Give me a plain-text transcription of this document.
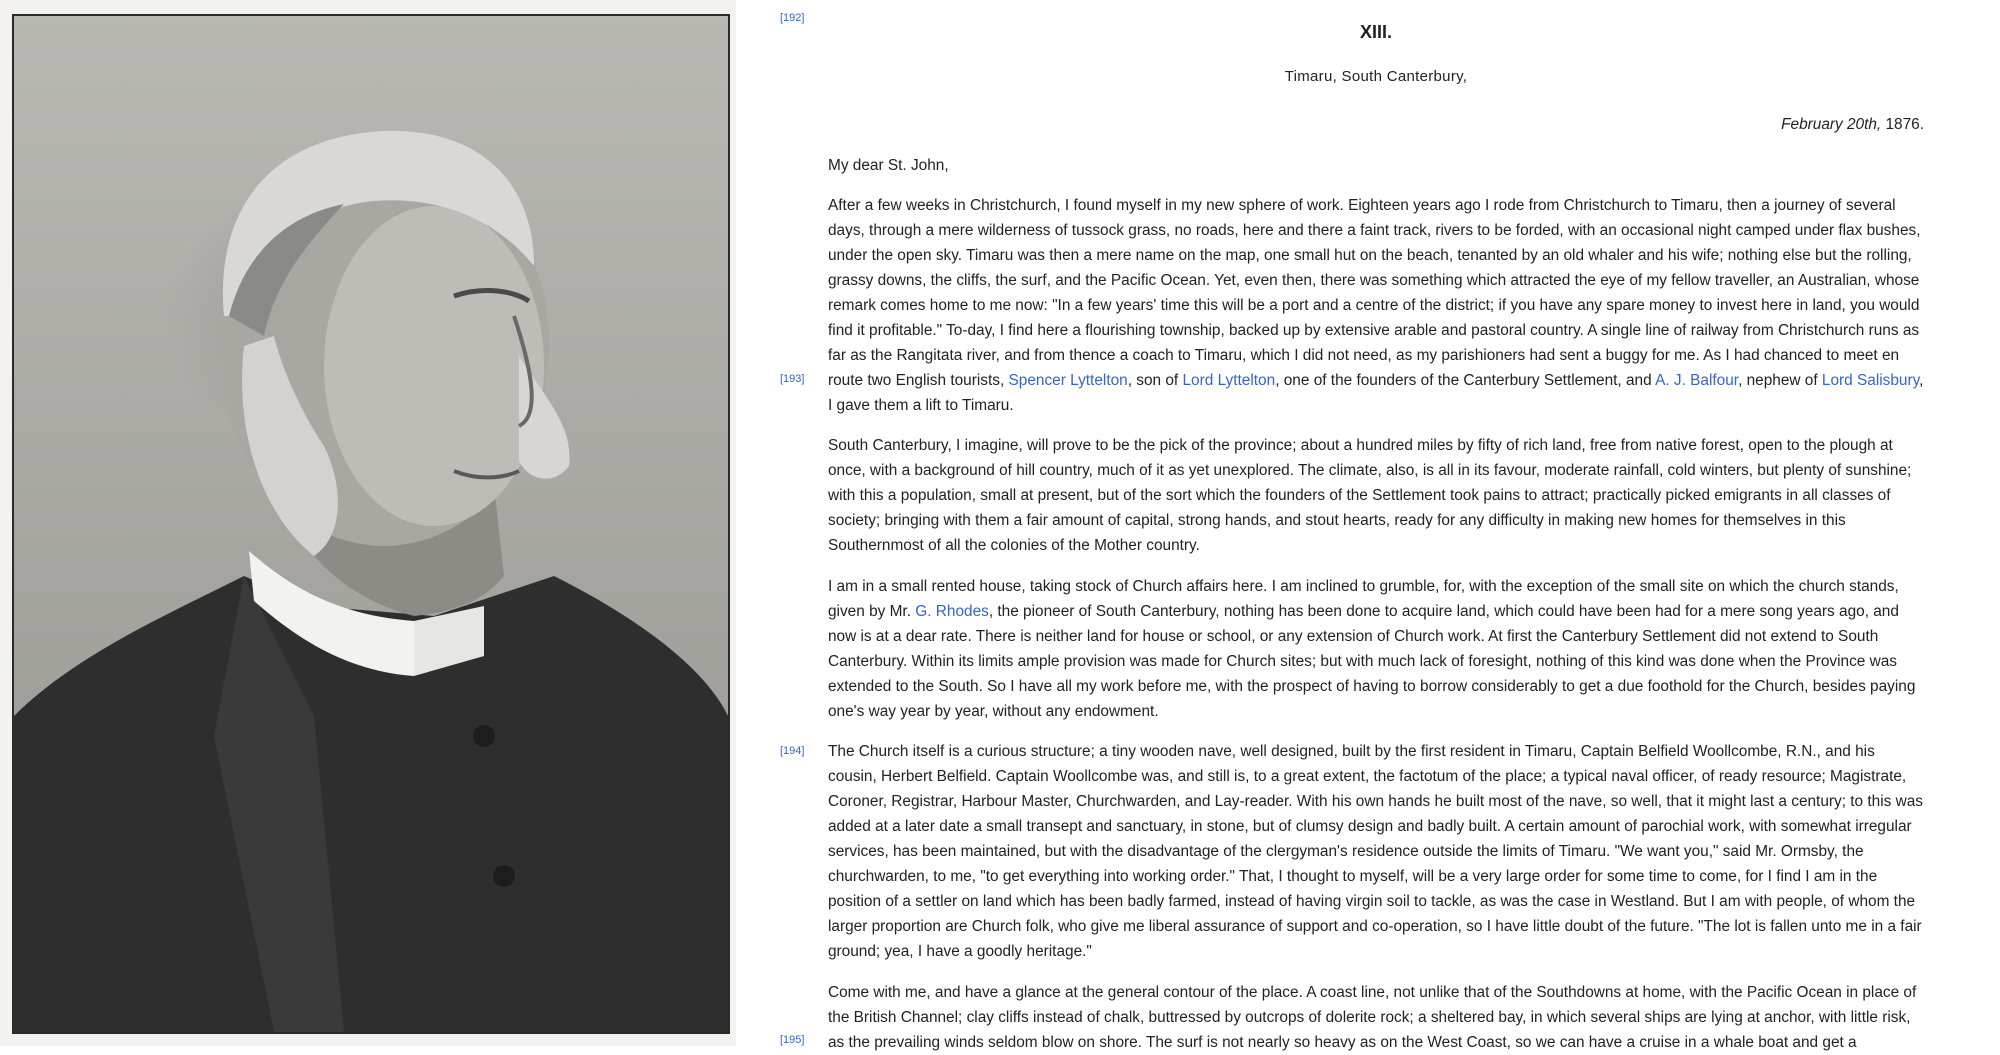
[192]
[193]
[194]
[195]
XIII.
Timaru, South Canterbury,
February 20th, 1876.
My dear St. John,

After a few weeks in Christchurch, I found myself in my new sphere of work. Eighteen years ago I rode from Christchurch to Timaru, then a journey of several days, through a mere wilderness of tussock grass, no roads, here and there a faint track, rivers to be forded, with an occasional night camped under flax bushes, under the open sky. Timaru was then a mere name on the map, one small hut on the beach, tenanted by an old whaler and his wife; nothing else but the rolling, grassy downs, the cliffs, the surf, and the Pacific Ocean. Yet, even then, there was something which attracted the eye of my fellow traveller, an Australian, whose remark comes home to me now: "In a few years' time this will be a port and a centre of the district; if you have any spare money to invest here in land, you would find it profitable." To-day, I find here a flourishing township, backed up by extensive arable and pastoral country. A single line of railway from Christchurch runs as far as the Rangitata river, and from thence a coach to Timaru, which I did not need, as my parishioners had sent a buggy for me. As I had chanced to meet en route two English tourists, Spencer Lyttelton, son of Lord Lyttelton, one of the founders of the Canterbury Settlement, and A. J. Balfour, nephew of Lord Salisbury, I gave them a lift to Timaru.

South Canterbury, I imagine, will prove to be the pick of the province; about a hundred miles by fifty of rich land, free from native forest, open to the plough at once, with a background of hill country, much of it as yet unexplored. The climate, also, is all in its favour, moderate rainfall, cold winters, but plenty of sunshine; with this a population, small at present, but of the sort which the founders of the Settlement took pains to attract; practically picked emigrants in all classes of society; bringing with them a fair amount of capital, strong hands, and stout hearts, ready for any difficulty in making new homes for themselves in this Southernmost of all the colonies of the Mother country.

I am in a small rented house, taking stock of Church affairs here. I am inclined to grumble, for, with the exception of the small site on which the church stands, given by Mr. G. Rhodes, the pioneer of South Canterbury, nothing has been done to acquire land, which could have been had for a mere song years ago, and now is at a dear rate. There is neither land for house or school, or any extension of Church work. At first the Canterbury Settlement did not extend to South Canterbury. Within its limits ample provision was made for Church sites; but with much lack of foresight, nothing of this kind was done when the Province was extended to the South. So I have all my work before me, with the prospect of having to borrow considerably to get a due foothold for the Church, besides paying one's way year by year, without any endowment.

The Church itself is a curious structure; a tiny wooden nave, well designed, built by the first resident in Timaru, Captain Belfield Woollcombe, R.N., and his cousin, Herbert Belfield. Captain Woollcombe was, and still is, to a great extent, the factotum of the place; a typical naval officer, of ready resource; Magistrate, Coroner, Registrar, Harbour Master, Churchwarden, and Lay-reader. With his own hands he built most of the nave, so well, that it might last a century; to this was added at a later date a small transept and sanctuary, in stone, but of clumsy design and badly built. A certain amount of parochial work, with somewhat irregular services, has been maintained, but with the disadvantage of the clergyman's residence outside the limits of Timaru. "We want you," said Mr. Ormsby, the churchwarden, to me, "to get everything into working order." That, I thought to myself, will be a very large order for some time to come, for I find I am in the position of a settler on land which has been badly farmed, instead of having virgin soil to tackle, as was the case in Westland. But I am with people, of whom the larger proportion are Church folk, who give me liberal assurance of support and co-operation, so I have little doubt of the future. "The lot is fallen unto me in a fair ground; yea, I have a goodly heritage."

Come with me, and have a glance at the general contour of the place. A coast line, not unlike that of the Southdowns at home, with the Pacific Ocean in place of the British Channel; clay cliffs instead of chalk, buttressed by outcrops of dolerite rock; a sheltered bay, in which several ships are lying at anchor, with little risk, as the prevailing winds seldom blow on shore. The surf is not nearly so heavy as on the West Coast, so we can have a cruise in a whale boat and get a
